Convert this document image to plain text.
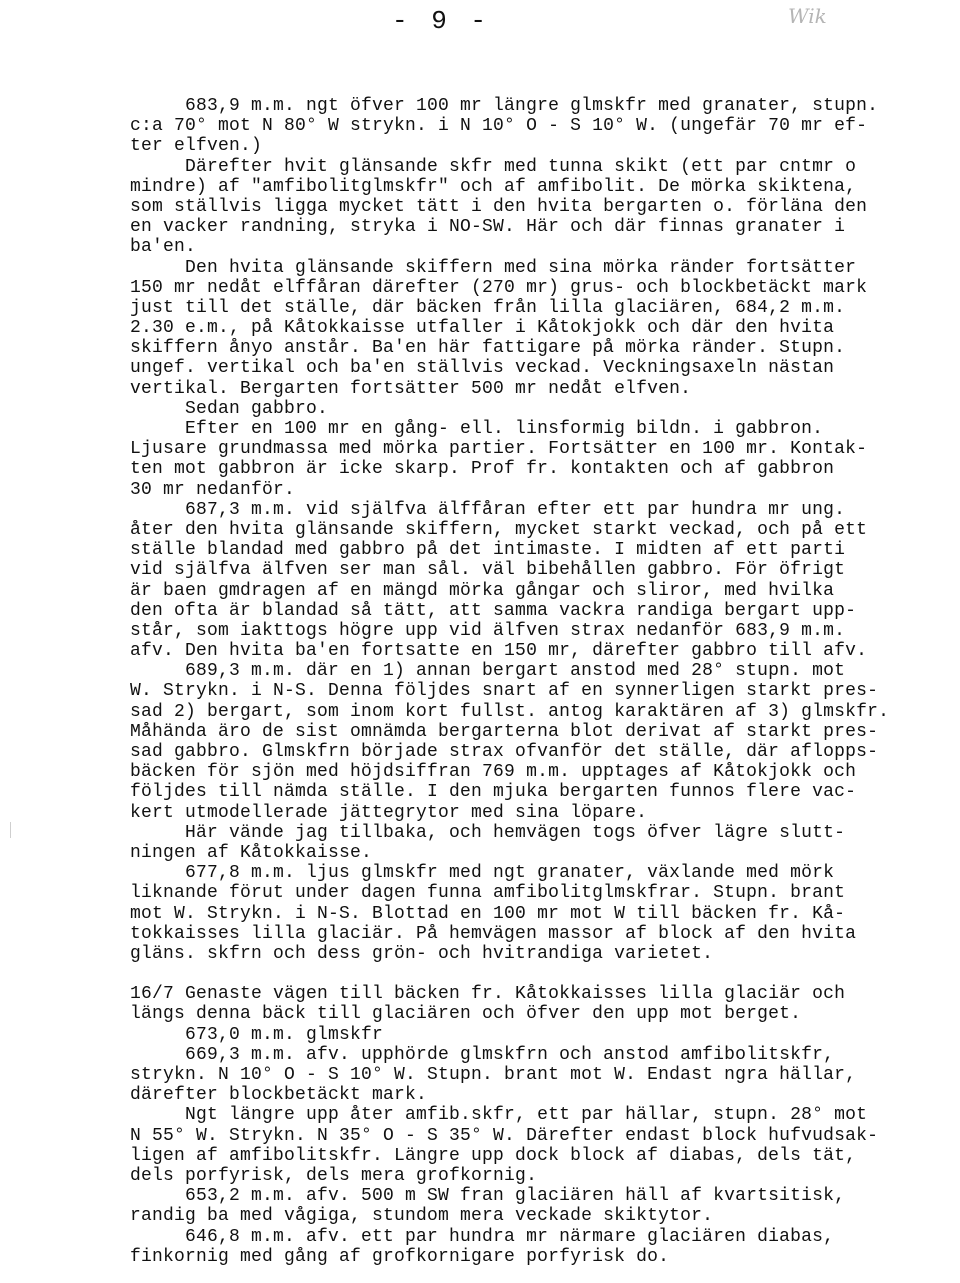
- 9 -	Wik
683,9 m.m. ngt öfver 100 mr längre glmskfr med granater, stupn.
c:a 70° mot N 80° W strykn. i N 10° O - S 10° W. (ungefär 70 mr ef-
ter elfven.)
Därefter hvit glänsande skfr med tunna skikt (ett par cntmr o
mindre) af "amfibolitglmskfr" och af amfibolit. De mörka skiktena,
som ställvis ligga mycket tätt i den hvita bergarten o. förläna den
en vacker randning, stryka i NO-SW. Här och där finnas granater i
ba'en.
Den hvita glänsande skiffern med sina mörka ränder fortsätter
150 mr nedåt elffåran därefter (270 mr) grus- och blockbetäckt mark
just till det ställe, där bäcken från lilla glaciären, 684,2 m.m.
2.30 e.m., på Kåtokkaisse utfaller i Kåtokjokk och där den hvita
skiffern ånyo anstår. Ba'en här fattigare på mörka ränder. Stupn.
ungef. vertikal och ba'en ställvis veckad. Veckningsaxeln nästan
vertikal. Bergarten fortsätter 500 mr nedåt elfven.
Sedan gabbro.
Efter en 100 mr en gång- ell. linsformig bildn. i gabbron.
Ljusare grundmassa med mörka partier. Fortsätter en 100 mr. Kontak-
ten mot gabbron är icke skarp. Prof fr. kontakten och af gabbron
30 mr nedanför.
687,3 m.m. vid själfva älffåran efter ett par hundra mr ung.
åter den hvita glänsande skiffern, mycket starkt veckad, och på ett
ställe blandad med gabbro på det intimaste. I midten af ett parti
vid själfva älfven ser man sål. väl bibehållen gabbro. För öfrigt
är baen gmdragen af en mängd mörka gångar och sliror, med hvilka
den ofta är blandad så tätt, att samma vackra randiga bergart upp-
står, som iakttogs högre upp vid älfven strax nedanför 683,9 m.m.
afv. Den hvita ba'en fortsatte en 150 mr, därefter gabbro till afv.
689,3 m.m. där en 1) annan bergart anstod med 28° stupn. mot
W. Strykn. i N-S. Denna följdes snart af en synnerligen starkt pres-
sad 2) bergart, som inom kort fullst. antog karaktären af 3) glmskfr.
Måhända äro de sist omnämda bergarterna blot derivat af starkt pres-
sad gabbro. Glmskfrn började strax ofvanför det ställe, där aflopps-
bäcken för sjön med höjdsiffran 769 m.m. upptages af Kåtokjokk och
följdes till nämda ställe. I den mjuka bergarten funnos flere vac-
kert utmodellerade jättegrytor med sina löpare.
Här vände jag tillbaka, och hemvägen togs öfver lägre slutt-
ningen af Kåtokkaisse.
677,8 m.m. ljus glmskfr med ngt granater, växlande med mörk
liknande förut under dagen funna amfibolitglmskfrar. Stupn. brant
mot W. Strykn. i N-S. Blottad en 100 mr mot W till bäcken fr. Kå-
tokkaisses lilla glaciär. På hemvägen massor af block af den hvita
gläns. skfrn och dess grön- och hvitrandiga varietet.
16/7 Genaste vägen till bäcken fr. Kåtokkaisses lilla glaciär och
längs denna bäck till glaciären och öfver den upp mot berget.
673,0 m.m. glmskfr
669,3 m.m. afv. upphörde glmskfrn och anstod amfibolitskfr,
strykn. N 10° O - S 10° W. Stupn. brant mot W. Endast ngra hällar,
därefter blockbetäckt mark.
Ngt längre upp åter amfib.skfr, ett par hällar, stupn. 28° mot
N 55° W. Strykn. N 35° O - S 35° W. Därefter endast block hufvudsak-
ligen af amfibolitskfr. Längre upp dock block af diabas, dels tät,
dels porfyrisk, dels mera grofkornig.
653,2 m.m. afv. 500 m SW fran glaciären häll af kvartsitisk,
randig ba med vågiga, stundom mera veckade skiktytor.
646,8 m.m. afv. ett par hundra mr närmare glaciären diabas,
finkornig med gång af grofkornigare porfyrisk do.
